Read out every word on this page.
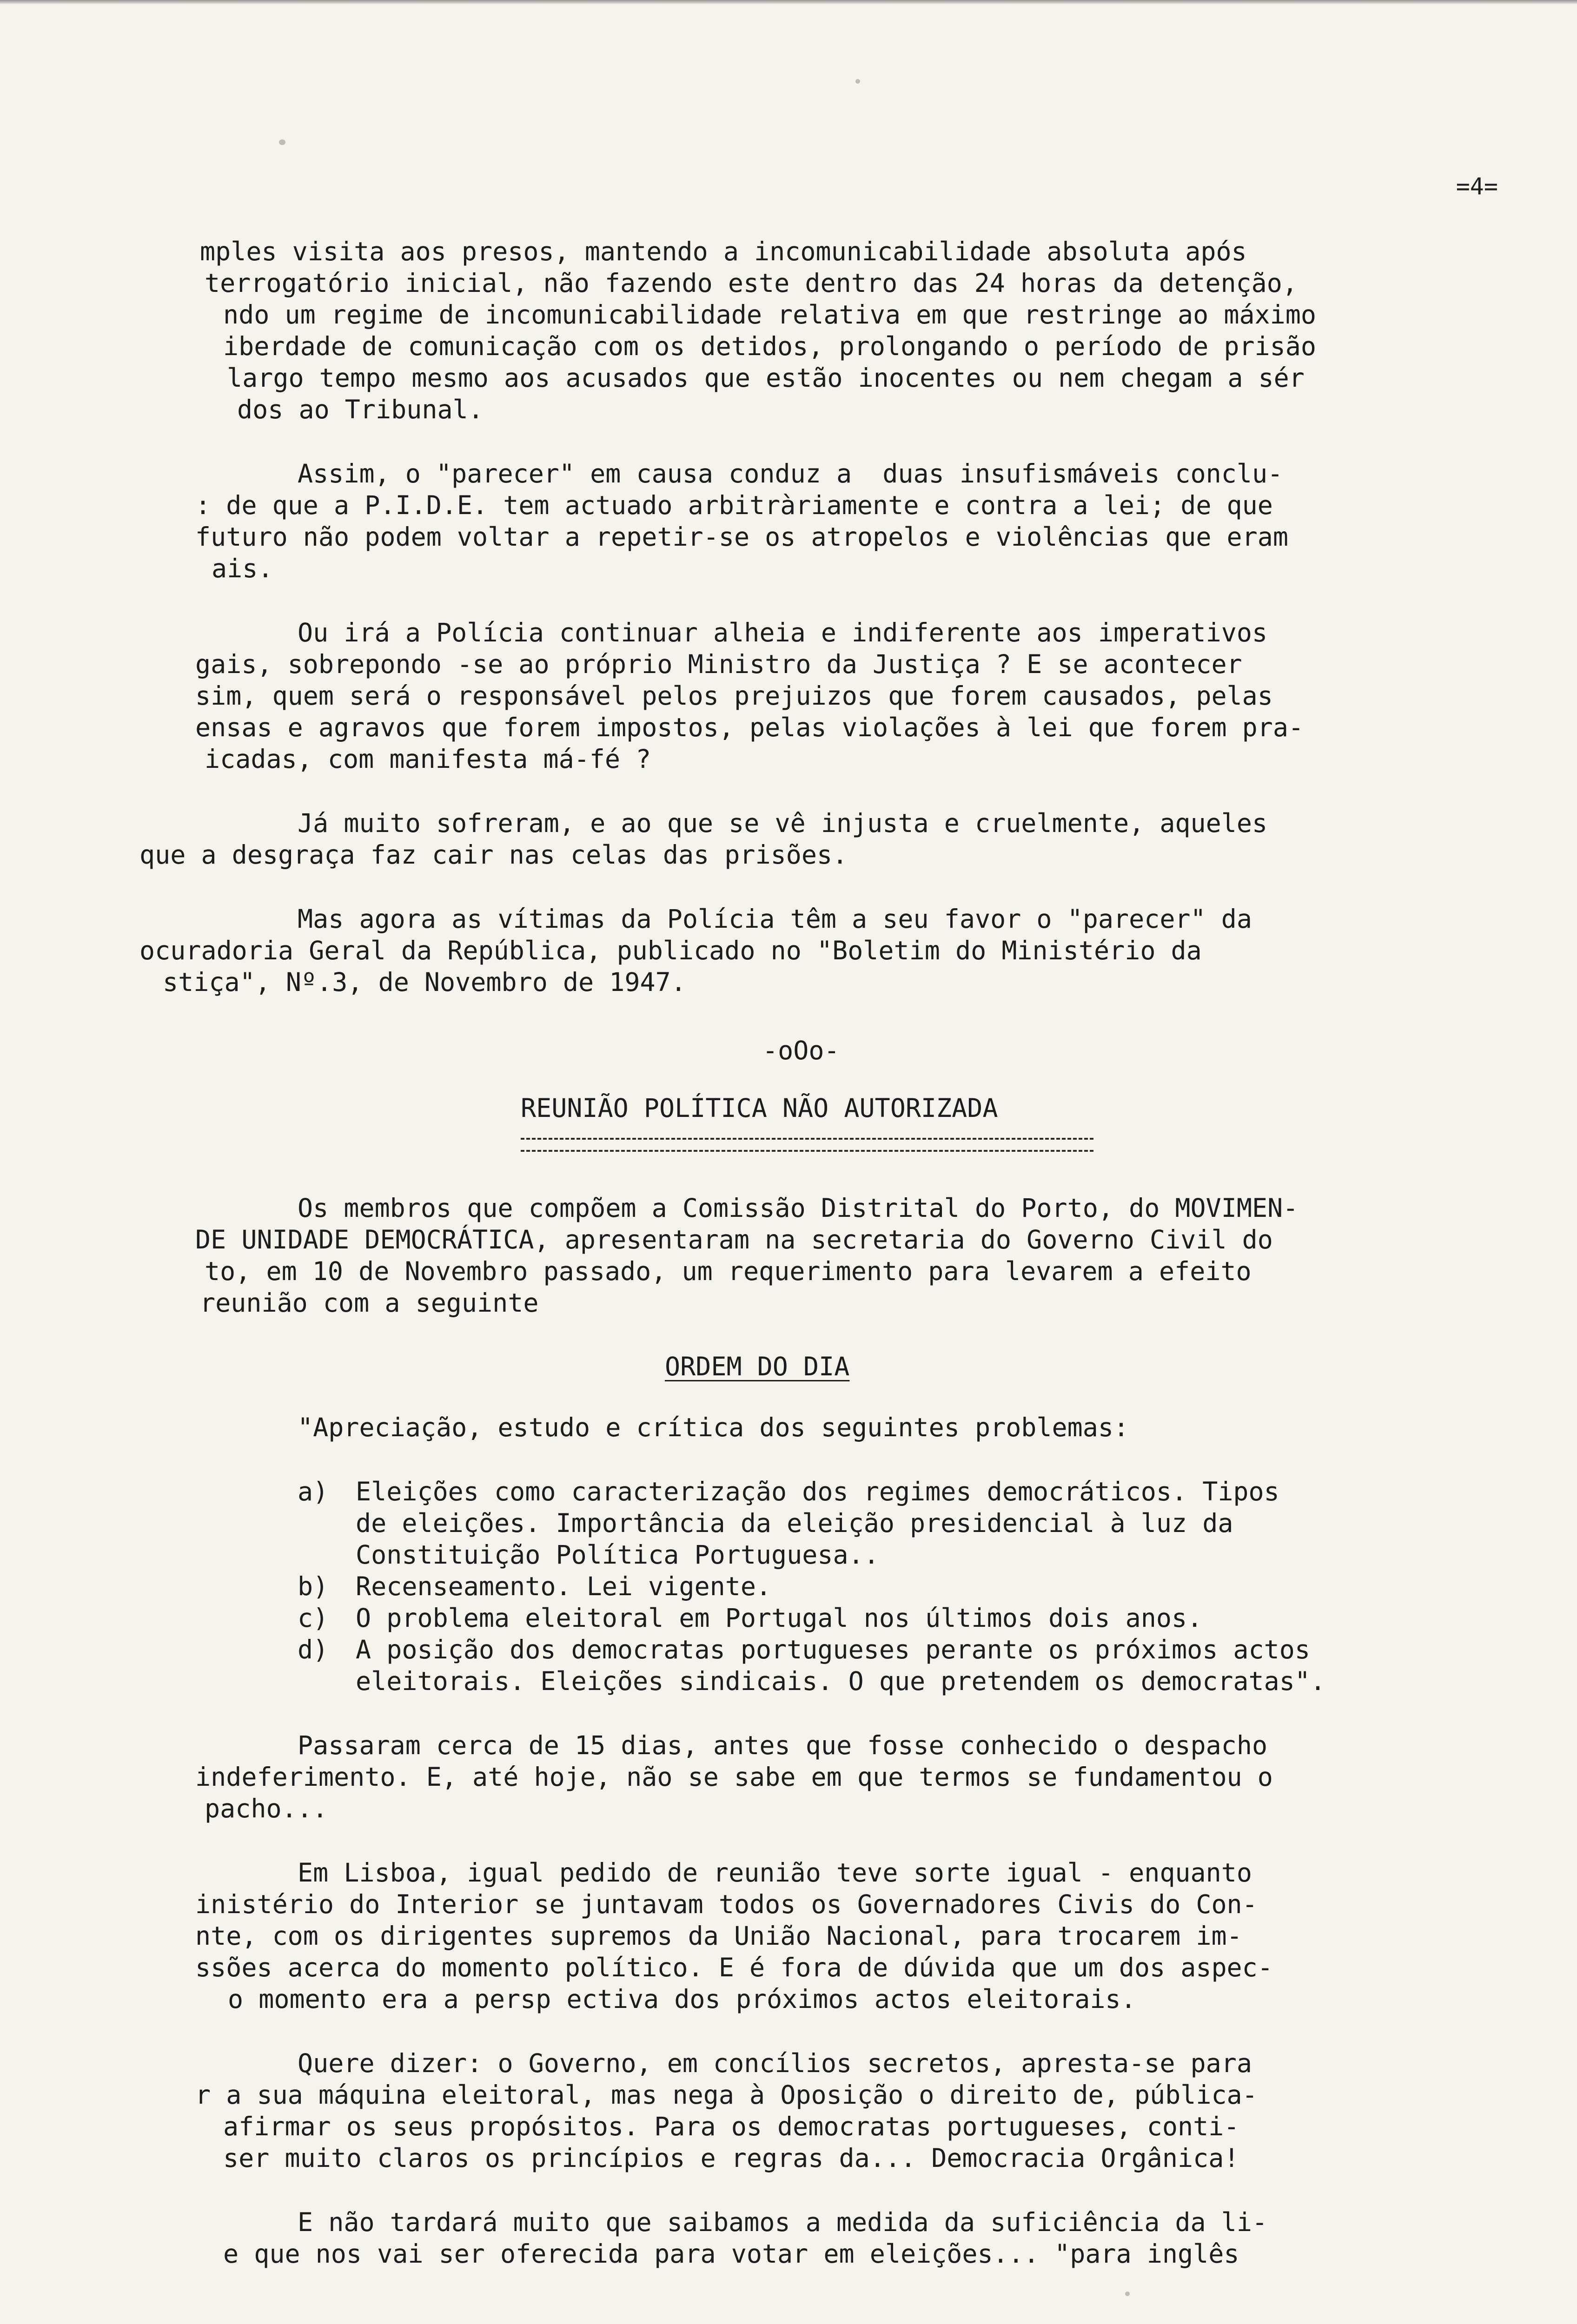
=4=
mples visita aos presos, mantendo a incomunicabilidade absoluta após
terrogatório inicial, não fazendo este dentro das 24 horas da detenção,
ndo um regime de incomunicabilidade relativa em que restringe ao máximo
iberdade de comunicação com os detidos, prolongando o período de prisão
largo tempo mesmo aos acusados que estão inocentes ou nem chegam a sér
dos ao Tribunal.
Assim, o "parecer" em causa conduz a  duas insufismáveis conclu-
: de que a P.I.D.E. tem actuado arbitràriamente e contra a lei; de que
futuro não podem voltar a repetir-se os atropelos e violências que eram
ais.
Ou irá a Polícia continuar alheia e indiferente aos imperativos
gais, sobrepondo -se ao próprio Ministro da Justiça ? E se acontecer
sim, quem será o responsável pelos prejuizos que forem causados, pelas
ensas e agravos que forem impostos, pelas violações à lei que forem pra-
icadas, com manifesta má-fé ?
Já muito sofreram, e ao que se vê injusta e cruelmente, aqueles
que a desgraça faz cair nas celas das prisões.
Mas agora as vítimas da Polícia têm a seu favor o "parecer" da
ocuradoria Geral da República, publicado no "Boletim do Ministério da
stiça", Nº.3, de Novembro de 1947.
-oOo-
REUNIÃO POLÍTICA NÃO AUTORIZADA
Os membros que compõem a Comissão Distrital do Porto, do MOVIMEN-
DE UNIDADE DEMOCRÁTICA, apresentaram na secretaria do Governo Civil do
to, em 10 de Novembro passado, um requerimento para levarem a efeito
reunião com a seguinte
ORDEM DO DIA
"Apreciação, estudo e crítica dos seguintes problemas:
a) Eleições como caracterização dos regimes democráticos. Tipos
de eleições. Importância da eleição presidencial à luz da
Constituição Política Portuguesa..
b) Recenseamento. Lei vigente.
c) O problema eleitoral em Portugal nos últimos dois anos.
d) A posição dos democratas portugueses perante os próximos actos
eleitorais. Eleições sindicais. O que pretendem os democratas".
Passaram cerca de 15 dias, antes que fosse conhecido o despacho
indeferimento. E, até hoje, não se sabe em que termos se fundamentou o
pacho...
Em Lisboa, igual pedido de reunião teve sorte igual - enquanto
inistério do Interior se juntavam todos os Governadores Civis do Con-
nte, com os dirigentes supremos da União Nacional, para trocarem im-
ssões acerca do momento político. E é fora de dúvida que um dos aspec-
o momento era a persp ectiva dos próximos actos eleitorais.
Quere dizer: o Governo, em concílios secretos, apresta-se para
r a sua máquina eleitoral, mas nega à Oposição o direito de, pública-
afirmar os seus propósitos. Para os democratas portugueses, conti-
ser muito claros os princípios e regras da... Democracia Orgânica!
E não tardará muito que saibamos a medida da suficiência da li-
e que nos vai ser oferecida para votar em eleições... "para inglês
